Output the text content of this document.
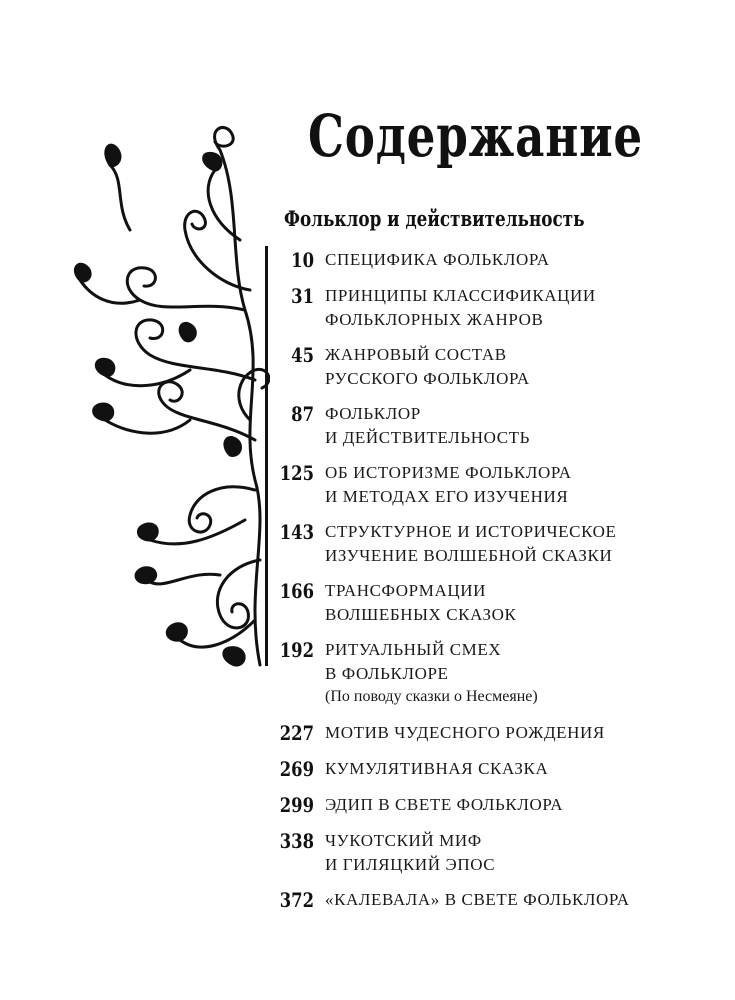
Содержание
Фольклор и действительность
10 СПЕЦИФИКА ФОЛЬКЛОРА
31 ПРИНЦИПЫ КЛАССИФИКАЦИИ
ФОЛЬКЛОРНЫХ ЖАНРОВ
45 ЖАНРОВЫЙ СОСТАВ
РУССКОГО ФОЛЬКЛОРА
87 ФОЛЬКЛОР
И ДЕЙСТВИТЕЛЬНОСТЬ
125 ОБ ИСТОРИЗМЕ ФОЛЬКЛОРА
И МЕТОДАХ ЕГО ИЗУЧЕНИЯ
143 СТРУКТУРНОЕ И ИСТОРИЧЕСКОЕ
ИЗУЧЕНИЕ ВОЛШЕБНОЙ СКАЗКИ
166 ТРАНСФОРМАЦИИ
ВОЛШЕБНЫХ СКАЗОК
192 РИТУАЛЬНЫЙ СМЕХ
В ФОЛЬКЛОРЕ
(По поводу сказки о Несмеяне)
227 МОТИВ ЧУДЕСНОГО РОЖДЕНИЯ
269 КУМУЛЯТИВНАЯ СКАЗКА
299 ЭДИП В СВЕТЕ ФОЛЬКЛОРА
338 ЧУКОТСКИЙ МИФ
И ГИЛЯЦКИЙ ЭПОС
372 «КАЛЕВАЛА» В СВЕТЕ ФОЛЬКЛОРА
